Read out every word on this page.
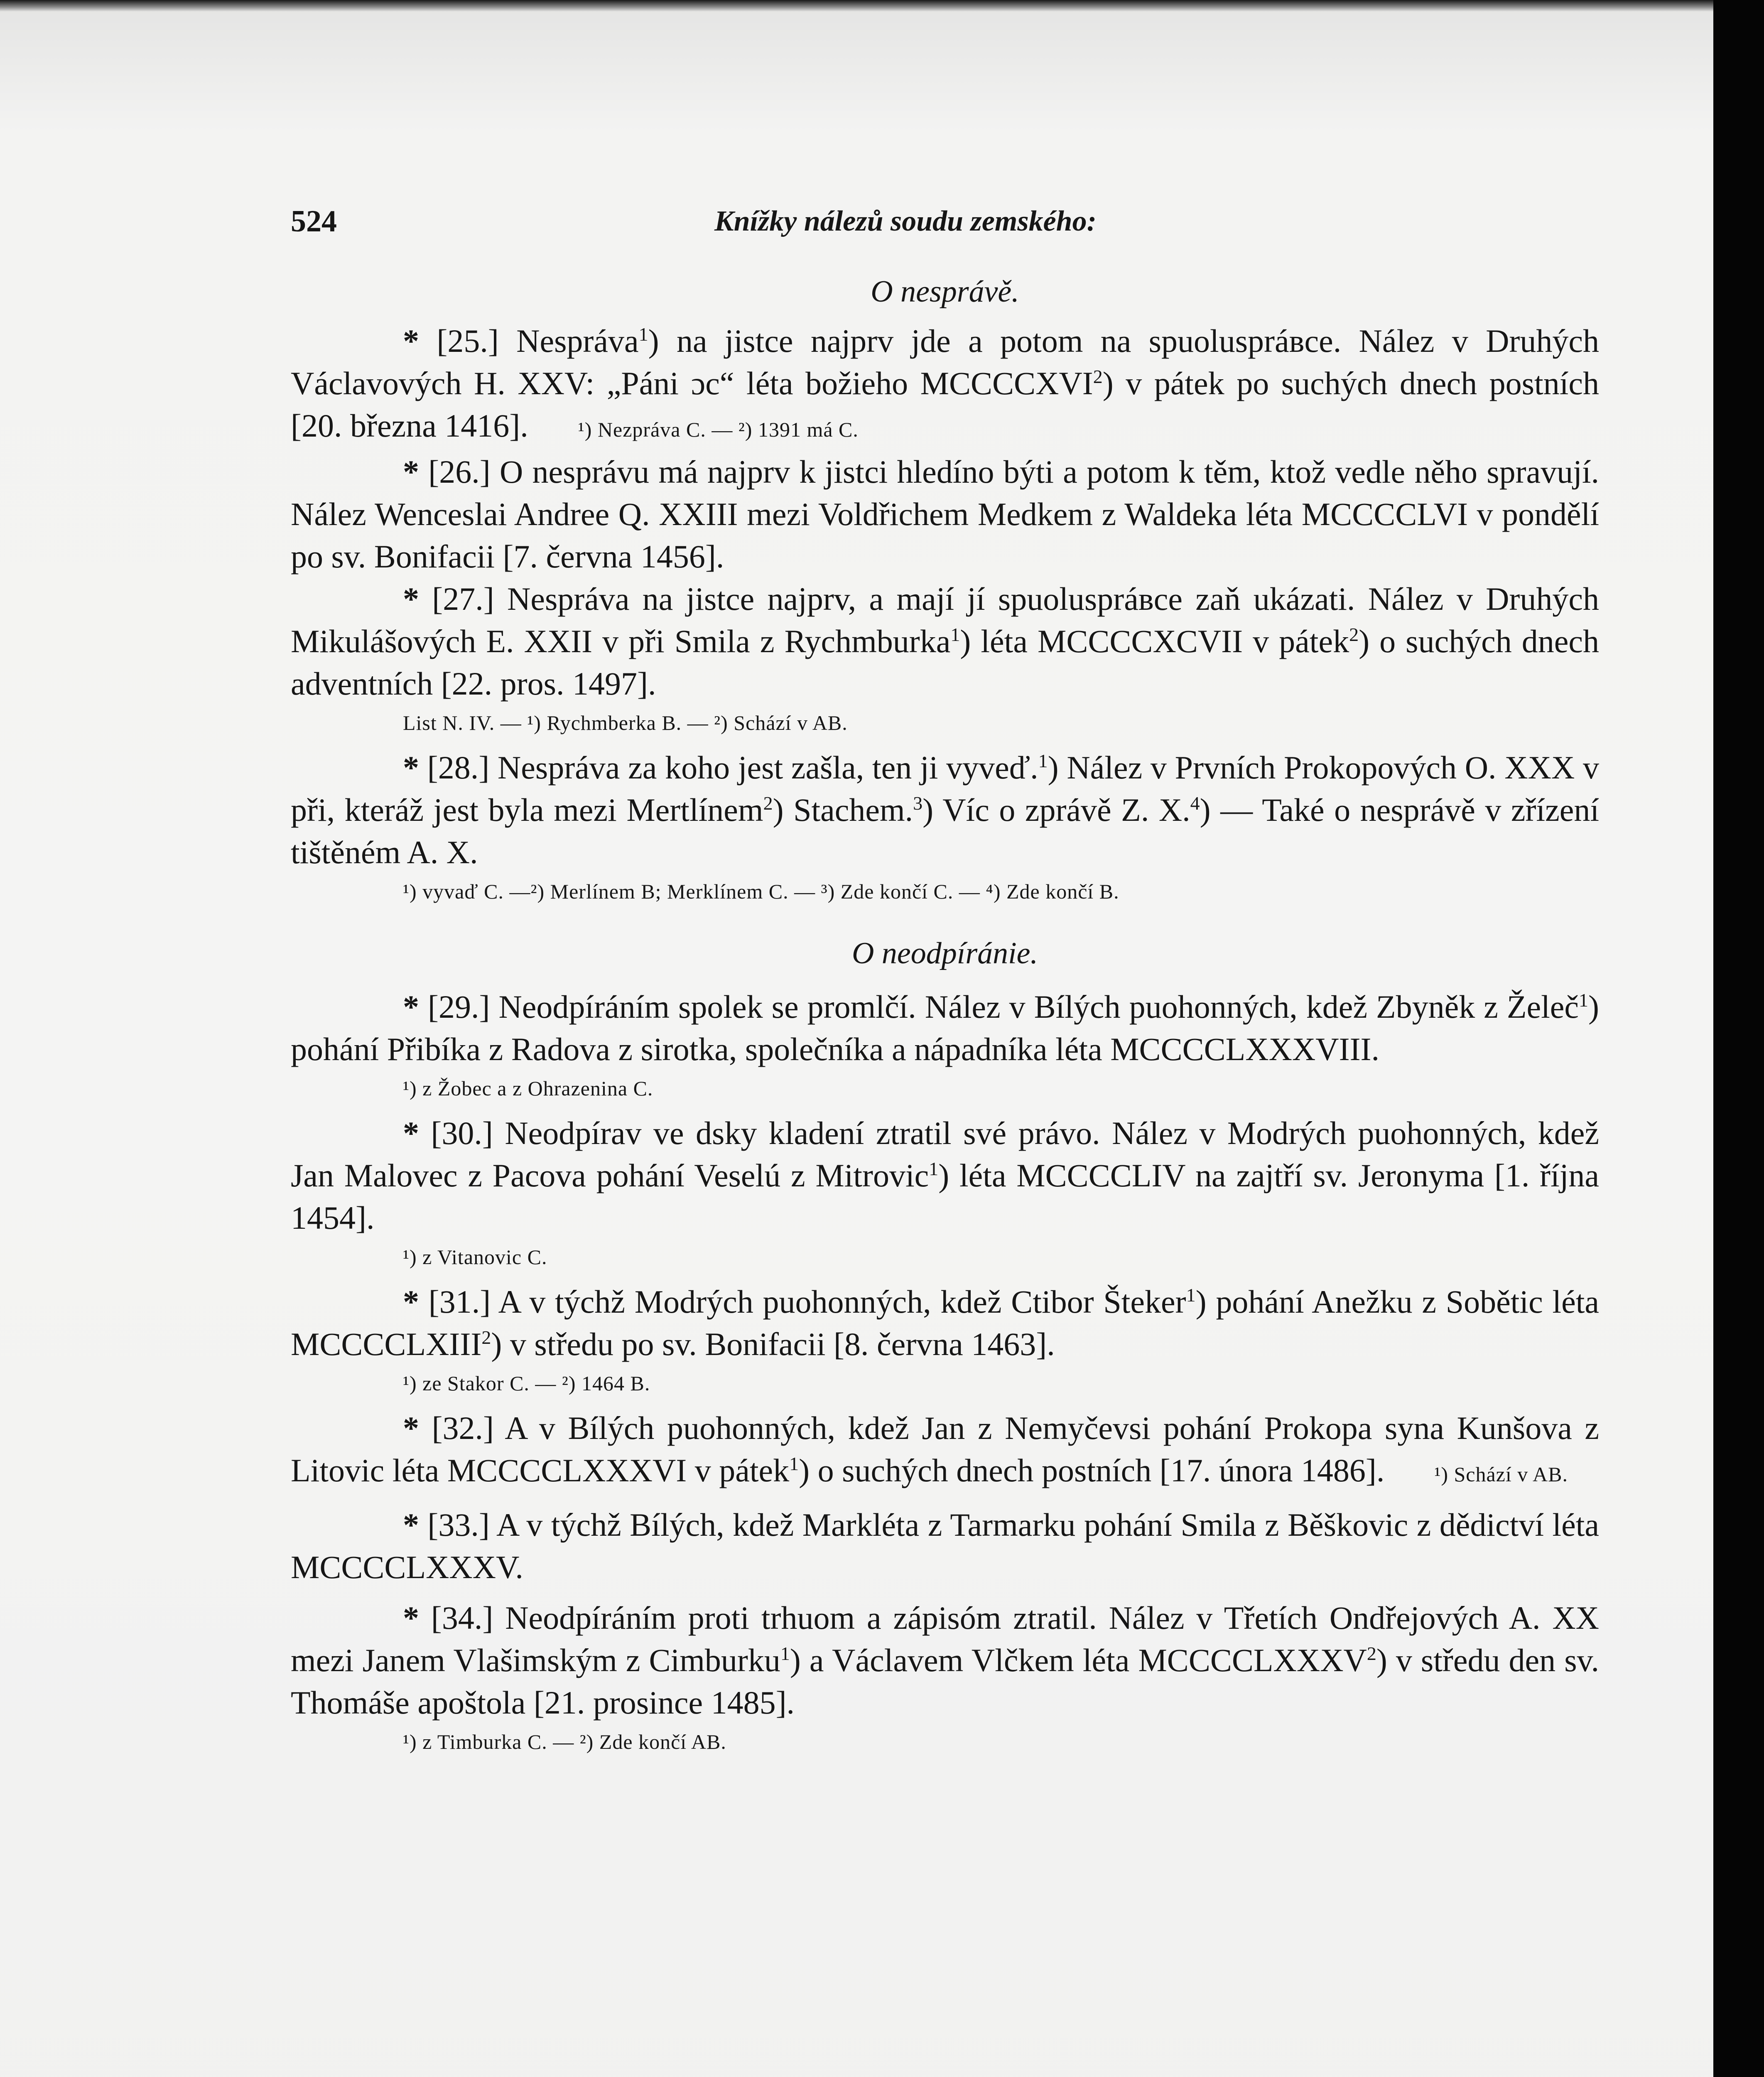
524	Knížky nálezů soudu zemského:
O nesprávě.

* [25.] Nespráva$^1$) na jistce najprv jde a potom na spuoluspráвce. Nález v Druhých Václavových H. XXV: „Páni ɔc“ léta božieho MCCCCXVI$^2$) v pátek po suchých dnech postních [20. března 1416]. ¹) Nezpráva C. — ²) 1391 má C.

* [26.] O nesprávu má najprv k jistci hledíno býti a potom k těm, ktož vedle něho spravují. Nález Wenceslai Andree Q. XXIII mezi Voldřichem Medkem z Waldeka léta MCCCCLVI v pondělí po sv. Bonifacii [7. června 1456].

* [27.] Nespráva na jistce najprv, a mají jí spuoluspráвce zaň ukázati. Nález v Druhých Mikulášových E. XXII v při Smila z Rychmburka$^1$) léta MCCCCXCVII v pátek$^2$) o suchých dnech adventních [22. pros. 1497].

List N. IV. — ¹) Rychmberka B. — ²) Schází v AB.

* [28.] Nespráva za koho jest zašla, ten ji vyveď.$^1$) Nález v Prvních Prokopových O. XXX v při, kteráž jest byla mezi Mertlínem$^2$) Stachem.$^3$) Víc o zprávě Z. X.$^4$) — Také o nesprávě v zřízení tištěném A. X.

¹) vyvaď C. —²) Merlínem B; Merklínem C. — ³) Zde končí C. — ⁴) Zde končí B.
O neodpíránie.

* [29.] Neodpíráním spolek se promlčí. Nález v Bílých puohonných, kdež Zbyněk z Želeč$^1$) pohání Přibíka z Radova z sirotka, společníka a nápadníka léta MCCCCLXXXVIII.

¹) z Žobec a z Ohrazenina C.

* [30.] Neodpírav ve dsky kladení ztratil své právo. Nález v Modrých puohonných, kdež Jan Malovec z Pacova pohání Veselú z Mitrovic$^1$) léta MCCCCLIV na zajtří sv. Jeronyma [1. října 1454].

¹) z Vitanovic C.

* [31.] A v týchž Modrých puohonných, kdež Ctibor Šteker$^1$) pohání Anežku z Sobětic léta MCCCCLXIII$^2$) v středu po sv. Bonifacii [8. června 1463].

¹) ze Stakor C. — ²) 1464 B.

* [32.] A v Bílých puohonných, kdež Jan z Nemyčevsi pohání Prokopa syna Kunšova z Litovic léta MCCCCLXXXVI v pátek$^1$) o suchých dnech postních [17. února 1486]. ¹) Schází v AB.

* [33.] A v týchž Bílých, kdež Markléta z Tarmarku pohání Smila z Běškovic z dědictví léta MCCCCLXXXV.

* [34.] Neodpíráním proti trhuom a zápisóm ztratil. Nález v Třetích Ondřejových A. XX mezi Janem Vlašimským z Cimburku$^1$) a Václavem Vlčkem léta MCCCCLXXXV$^2$) v středu den sv. Thomáše apoštola [21. prosince 1485].

¹) z Timburka C. — ²) Zde končí AB.
